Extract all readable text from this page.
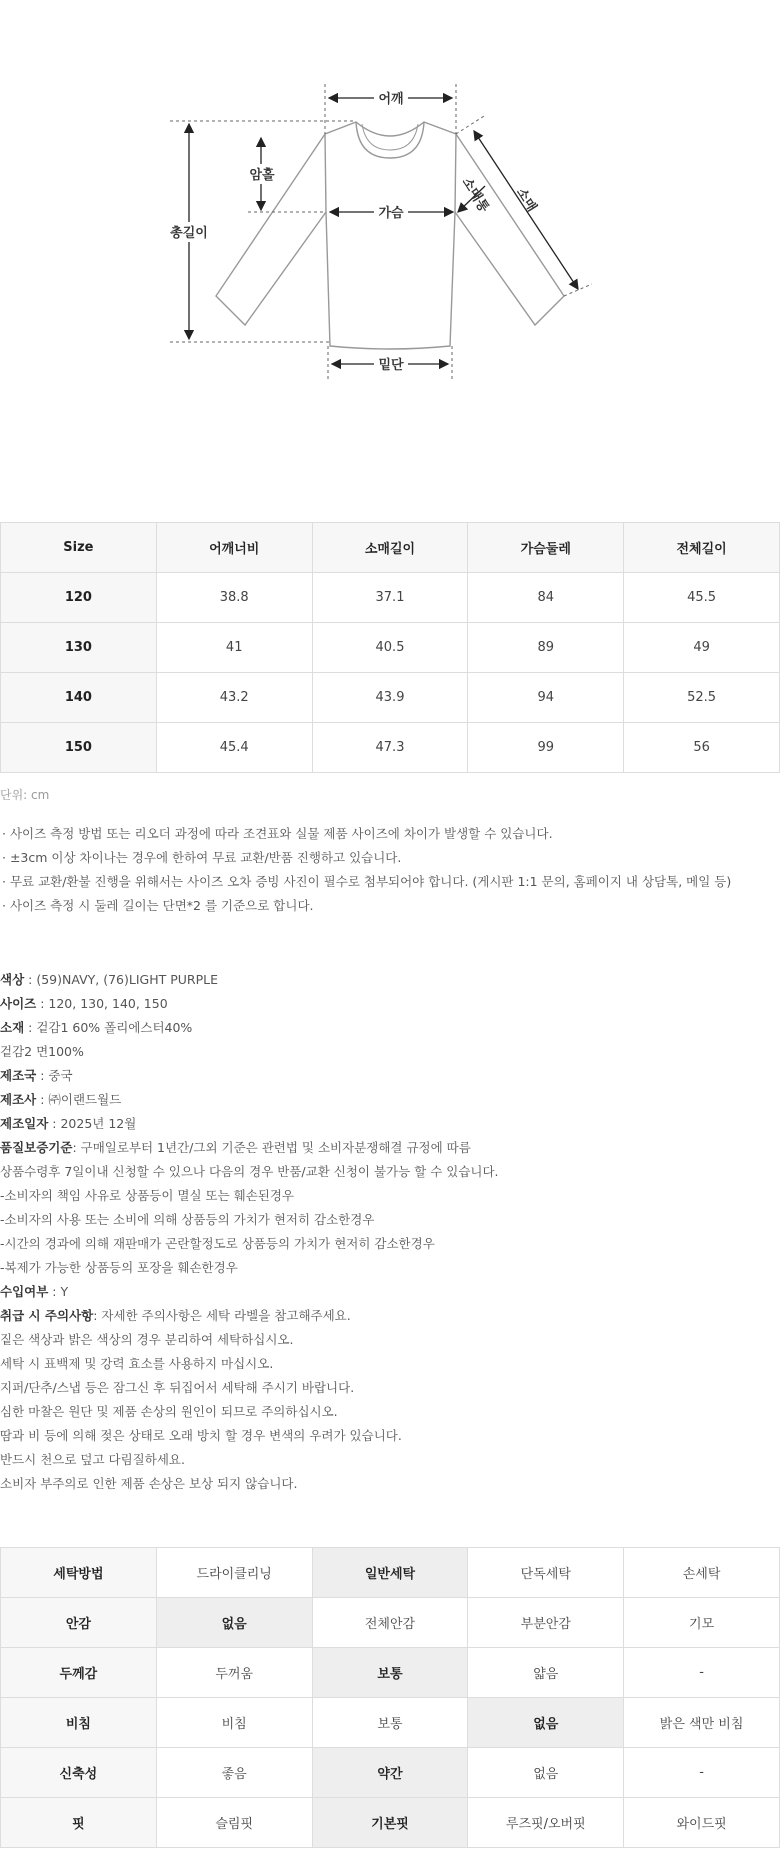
어깨
암홀
총길이
가슴
밑단
소매통 소매
Size	어깨너비	소매길이	가슴둘레	전체길이
120	38.8	37.1	84	45.5
130	41	40.5	89	49
140	43.2	43.9	94	52.5
150	45.4	47.3	99	56
단위: cm
· 사이즈 측정 방법 또는 리오더 과정에 따라 조견표와 실물 제품 사이즈에 차이가 발생할 수 있습니다.
· ±3cm 이상 차이나는 경우에 한하여 무료 교환/반품 진행하고 있습니다.
· 무료 교환/환불 진행을 위해서는 사이즈 오차 증빙 사진이 필수로 첨부되어야 합니다. (게시판 1:1 문의, 홈페이지 내 상담톡, 메일 등)
· 사이즈 측정 시 둘레 길이는 단면*2 를 기준으로 합니다.
색상 : (59)NAVY, (76)LIGHT PURPLE
사이즈 : 120, 130, 140, 150
소재 : 겉감1 60% 폴리에스터40%
겉감2 면100%
제조국 : 중국
제조사 : ㈜이랜드월드
제조일자 : 2025년 12월
품질보증기준: 구매일로부터 1년간/그외 기준은 관련법 및 소비자분쟁해결 규정에 따름
상품수령후 7일이내 신청할 수 있으나 다음의 경우 반품/교환 신청이 불가능 할 수 있습니다.
-소비자의 책임 사유로 상품등이 멸실 또는 훼손된경우
-소비자의 사용 또는 소비에 의해 상품등의 가치가 현저히 감소한경우
-시간의 경과에 의해 재판매가 곤란할정도로 상품등의 가치가 현저히 감소한경우
-복제가 가능한 상품등의 포장을 훼손한경우
수입여부 : Y
취급 시 주의사항: 자세한 주의사항은 세탁 라벨을 참고해주세요.
짙은 색상과 밝은 색상의 경우 분리하여 세탁하십시오.
세탁 시 표백제 및 강력 효소를 사용하지 마십시오.
지퍼/단추/스냅 등은 잠그신 후 뒤집어서 세탁해 주시기 바랍니다.
심한 마찰은 원단 및 제품 손상의 원인이 되므로 주의하십시오.
땀과 비 등에 의해 젖은 상태로 오래 방치 할 경우 변색의 우려가 있습니다.
반드시 천으로 덮고 다림질하세요.
소비자 부주의로 인한 제품 손상은 보상 되지 않습니다.
세탁방법	드라이클리닝	일반세탁	단독세탁	손세탁
안감	없음	전체안감	부분안감	기모
두께감	두꺼움	보통	얇음	-
비침	비침	보통	없음	밝은 색만 비침
신축성	좋음	약간	없음	-
핏	슬림핏	기본핏	루즈핏/오버핏	와이드핏
